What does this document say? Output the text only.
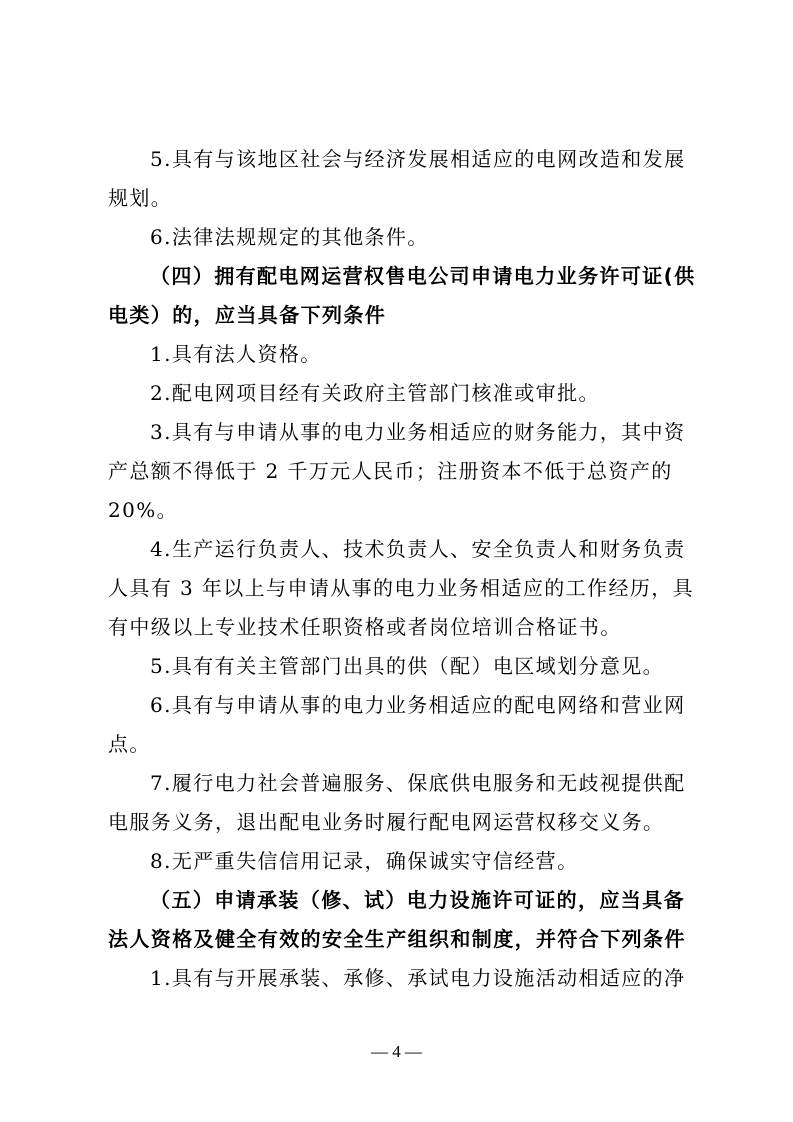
5.具有与该地区社会与经济发展相适应的电网改造和发展
规划。
6.法律法规规定的其他条件。
（四）拥有配电网运营权售电公司申请电力业务许可证(供
电类）的，应当具备下列条件
1.具有法人资格。
2.配电网项目经有关政府主管部门核准或审批。
3.具有与申请从事的电力业务相适应的财务能力，其中资
产总额不得低于 2 千万元人民币；注册资本不低于总资产的
20%。
4.生产运行负责人、技术负责人、安全负责人和财务负责
人具有 3 年以上与申请从事的电力业务相适应的工作经历，具
有中级以上专业技术任职资格或者岗位培训合格证书。
5.具有有关主管部门出具的供（配）电区域划分意见。
6.具有与申请从事的电力业务相适应的配电网络和营业网
点。
7.履行电力社会普遍服务、保底供电服务和无歧视提供配
电服务义务，退出配电业务时履行配电网运营权移交义务。
8.无严重失信信用记录，确保诚实守信经营。
（五）申请承装（修、试）电力设施许可证的，应当具备
法人资格及健全有效的安全生产组织和制度，并符合下列条件
1.具有与开展承装、承修、承试电力设施活动相适应的净
— 4 —
